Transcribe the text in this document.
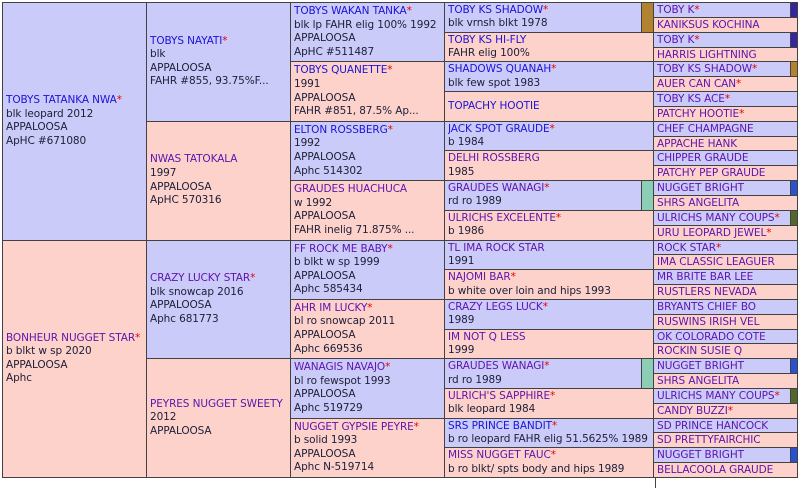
TOBYS TATANKA NWA*
blk leopard 2012
APPALOOSA
ApHC #671080
BONHEUR NUGGET STAR*
b blkt w sp 2020
APPALOOSA
Aphc
TOBYS NAYATI*
blk
APPALOOSA
FAHR #855, 93.75%F...
NWAS TATOKALA
1997
APPALOOSA
ApHC 570316
CRAZY LUCKY STAR*
blk snowcap 2016
APPALOOSA
Aphc 681773
PEYRES NUGGET SWEETY
2012
APPALOOSA
TOBYS WAKAN TANKA*
blk lp FAHR elig 100% 1992
APPALOOSA
ApHC #511487
TOBYS QUANETTE*
1991
APPALOOSA
FAHR #851, 87.5% Ap...
ELTON ROSSBERG*
1992
APPALOOSA
Aphc 514302
GRAUDES HUACHUCA
w 1992
APPALOOSA
FAHR inelig 71.875% ...
FF ROCK ME BABY*
b blkt w sp 1999
APPALOOSA
Aphc 585434
AHR IM LUCKY*
bl ro snowcap 2011
APPALOOSA
Aphc 669536
WANAGIS NAVAJO*
bl ro fewspot 1993
APPALOOSA
Aphc 519729
NUGGET GYPSIE PEYRE*
b solid 1993
APPALOOSA
Aphc N-519714
TOBY KS SHADOW*
blk vrnsh blkt 1978
TOBY KS HI-FLY
FAHR elig 100%
SHADOWS QUANAH*
blk few spot 1983
TOPACHY HOOTIE
JACK SPOT GRAUDE*
b 1984
DELHI ROSSBERG
1985
GRAUDES WANAGI*
rd ro 1989
ULRICHS EXCELENTE*
b 1986
TL IMA ROCK STAR
1991
NAJOMI BAR*
b white over loin and hips 1993
CRAZY LEGS LUCK*
1989
IM NOT Q LESS
1999
GRAUDES WANAGI*
rd ro 1989
ULRICH'S SAPPHIRE*
blk leopard 1984
SRS PRINCE BANDIT*
b ro leopard FAHR elig 51.5625% 1989
MISS NUGGET FAUC*
b ro blkt/ spts body and hips 1989
TOBY K*
KANIKSUS KOCHINA
TOBY K*
HARRIS LIGHTNING
TOBY KS SHADOW*
AUER CAN CAN*
TOBY KS ACE*
PATCHY HOOTIE*
CHEF CHAMPAGNE
APPACHE HANK
CHIPPER GRAUDE
PATCHY PEP GRAUDE
NUGGET BRIGHT
SHRS ANGELITA
ULRICHS MANY COUPS*
URU LEOPARD JEWEL*
ROCK STAR*
IMA CLASSIC LEAGUER
MR BRITE BAR LEE
RUSTLERS NEVADA
BRYANTS CHIEF BO
RUSWINS IRISH VEL
OK COLORADO COTE
ROCKIN SUSIE Q
NUGGET BRIGHT
SHRS ANGELITA
ULRICHS MANY COUPS*
CANDY BUZZI*
SD PRINCE HANCOCK
SD PRETTYFAIRCHIC
NUGGET BRIGHT
BELLACOOLA GRAUDE
